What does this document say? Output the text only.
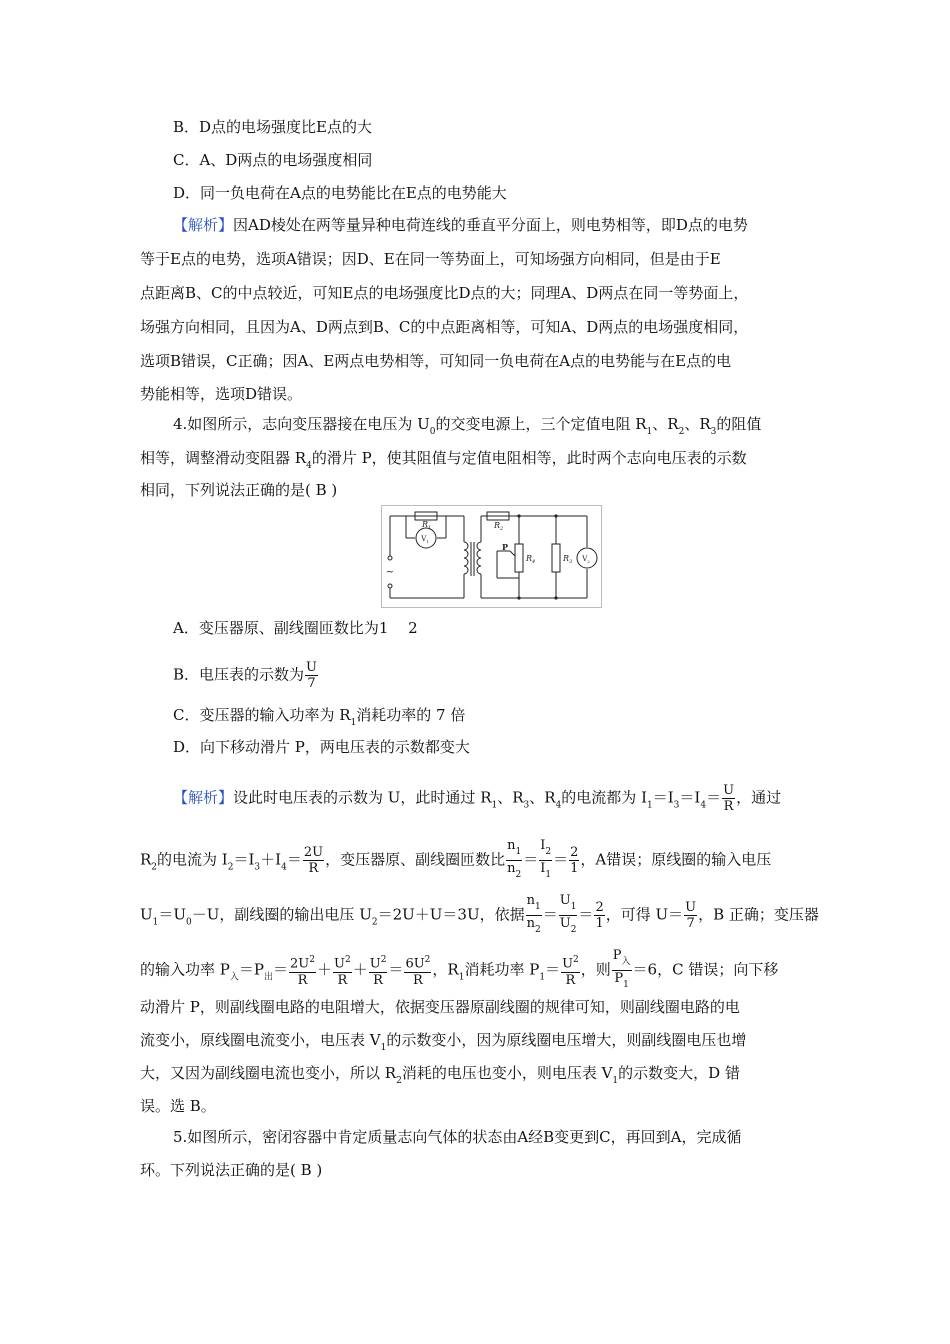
B．D点的电场强度比E点的大
C．A、D两点的电场强度相同
D．同一负电荷在A点的电势能比在E点的电势能大
【解析】因AD棱处在两等量异种电荷连线的垂直平分面上，则电势相等，即D点的电势
等于E点的电势，选项A错误；因D、E在同一等势面上，可知场强方向相同，但是由于E
点距离B、C的中点较近，可知E点的电场强度比D点的大；同理A、D两点在同一等势面上，
场强方向相同，且因为A、D两点到B、C的中点距离相等，可知A、D两点的电场强度相同，
选项B错误，C正确；因A、E两点电势相等，可知同一负电荷在A点的电势能与在E点的电
势能相等，选项D错误。
4.如图所示，志向变压器接在电压为 $U_0$的交变电源上，三个定值电阻 $R_1$、$R_2$、$R_3$的阻值
相等，调整滑动变阻器 $R_4$的滑片 P，使其阻值与定值电阻相等，此时两个志向电压表的示数
相同，下列说法正确的是( B )
$R_1$	$R_2$
$R_4$	$R_3$
P
$V_1$
$V_2$
~
A．变压器原、副线圈匝数比为1　 2
B．电压表的示数为 $\frac{U}{7}$
C．变压器的输入功率为 $R_1$消耗功率的 7 倍
D．向下移动滑片 P，两电压表的示数都变大
【解析】设此时电压表的示数为 U，此时通过 $R_1$、$R_3$、$R_4$的电流都为 $I_1=I_3=I_4= \frac{U}{R}$ ，通过
$R_2$的电流为 $I_2=I_3+I_4= \frac{2U}{R}$ ，变压器原、副线圈匝数比 $\frac{n_1}{n_2} = \frac{I_2}{I_1} = \frac{2}{1}$ ，A错误；原线圈的输入电压
$U_1=U_0-U$，副线圈的输出电压 $U_2=2U+U=3U$，依据 $\frac{n_1}{n_2} = \frac{U_1}{U_2} = \frac{2}{1}$ ，可得 $U= \frac{U}{7}$ ，B 正确；变压器
的输入功率 $P_入=P_出= \frac{2U^2}{R} + \frac{U^2}{R} + \frac{U^2}{R} = \frac{6U^2}{R}$ ，$R_1$消耗功率 $P_1= \frac{U^2}{R}$ ，则 $\frac{P_入}{P_1} =6$，C 错误；向下移
动滑片 P，则副线圈电路的电阻增大，依据变压器原副线圈的规律可知，则副线圈电路的电
流变小，原线圈电流变小，电压表 $V_1$的示数变小，因为原线圈电压增大，则副线圈电压也增
大，又因为副线圈电流也变小，所以 $R_2$消耗的电压也变小，则电压表 $V_1$的示数变大，D 错
误。选 B。
5.如图所示，密闭容器中肯定质量志向气体的状态由A经B变更到C，再回到A，完成循
环。下列说法正确的是( B )
